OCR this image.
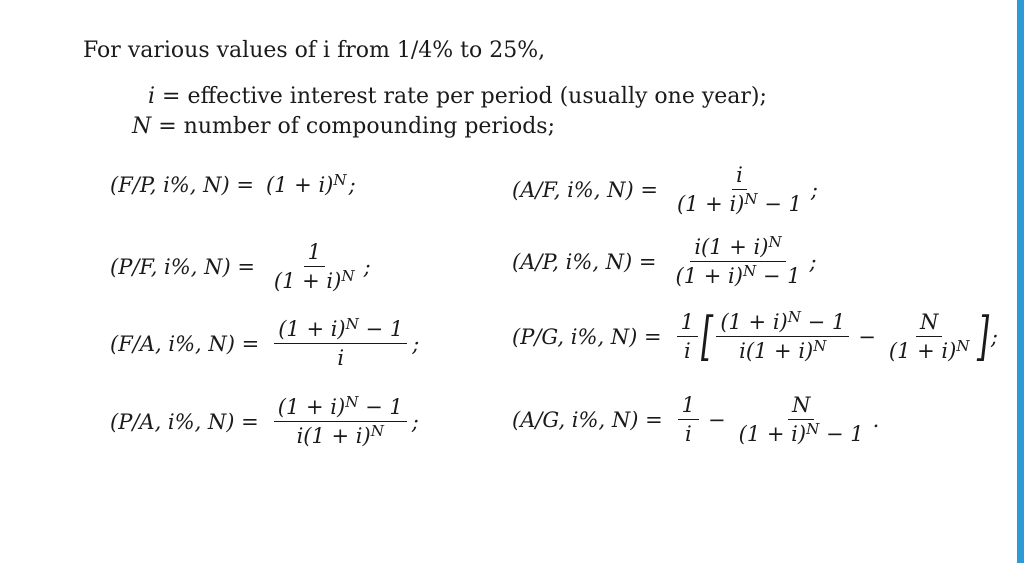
For various values of i from 1/4% to 25%,
i = effective interest rate per period (usually one year);
N = number of compounding periods;
(F/P, i%, $N) = (1 + i)^N$ ;
(P/F, i%, $N) = \frac{1}{(1 + i)^N}$ ;
(F/A, i%, $N) = \frac{(1 + i)^N - 1}{i}$ ;
(P/A, i%, $N) = \frac{(1 + i)^N - 1}{i(1 + i)^N}$ ;
(A/F, i%, $N) = \frac{i}{(1 + i)^N - 1}$ ;
(A/P, i%, $N) = \frac{i(1 + i)^N}{(1 + i)^N - 1}$ ;
(P/G, i%, $N) = \frac{1}{i}$ [ $\frac{(1 + i)^N - 1}{i(1 + i)^N} - \frac{N}{(1 + i)^N}$ ] ;
(A/G, i%, $N) = \frac{1}{i} - \frac{N}{(1 + i)^N - 1}$ .
